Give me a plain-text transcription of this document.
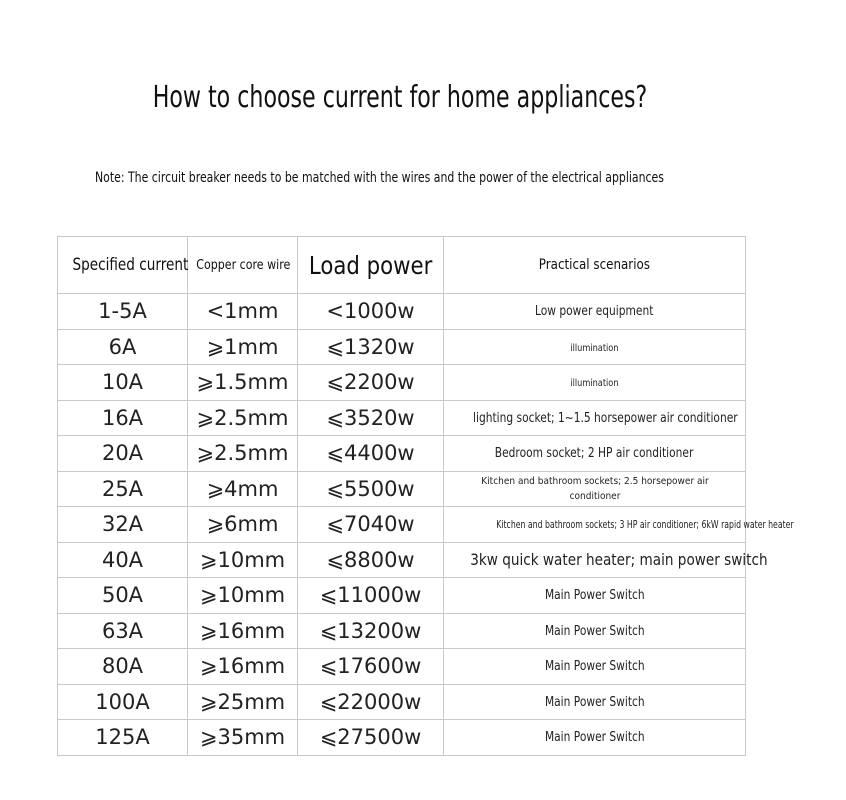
How to choose current for home appliances?
Note: The circuit breaker needs to be matched with the wires and the power of the electrical appliances
Specified current	Copper core wire	Load power	Practical scenarios
1-5A	<1mm	<1000w	Low power equipment
6A	⩾1mm	⩽1320w	illumination
10A	⩾1.5mm	⩽2200w	illumination
16A	⩾2.5mm	⩽3520w	lighting socket; 1~1.5 horsepower air conditioner
20A	⩾2.5mm	⩽4400w	Bedroom socket; 2 HP air conditioner
25A	⩾4mm	⩽5500w	Kitchen and bathroom sockets; 2.5 horsepower air conditioner
32A	⩾6mm	⩽7040w	Kitchen and bathroom sockets; 3 HP air conditioner; 6kW rapid water heater
40A	⩾10mm	⩽8800w	3kw quick water heater; main power switch
50A	⩾10mm	⩽11000w	Main Power Switch
63A	⩾16mm	⩽13200w	Main Power Switch
80A	⩾16mm	⩽17600w	Main Power Switch
100A	⩾25mm	⩽22000w	Main Power Switch
125A	⩾35mm	⩽27500w	Main Power Switch
